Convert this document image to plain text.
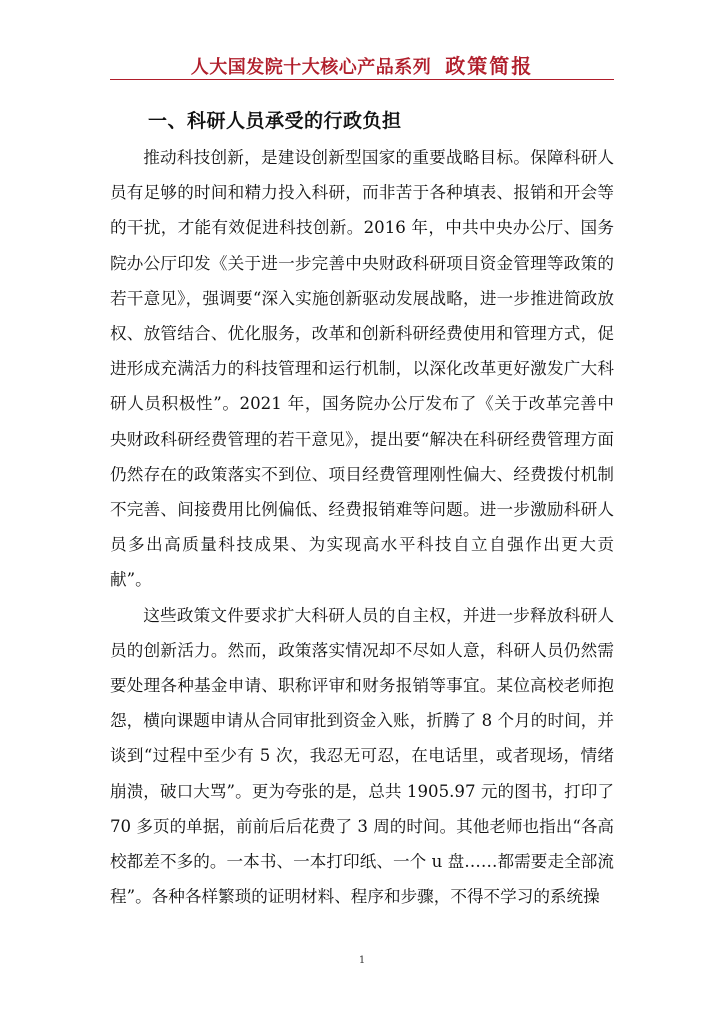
人大国发院十大核心产品系列 政策简报
一、科研人员承受的行政负担

推动科技创新，是建设创新型国家的重要战略目标。保障科研人员有足够的时间和精力投入科研，而非苦于各种填表、报销和开会等的干扰，才能有效促进科技创新。2016 年，中共中央办公厅、国务院办公厅印发《关于进一步完善中央财政科研项目资金管理等政策的若干意见》，强调要“深入实施创新驱动发展战略，进一步推进简政放权、放管结合、优化服务，改革和创新科研经费使用和管理方式，促进形成充满活力的科技管理和运行机制，以深化改革更好激发广大科研人员积极性”。2021 年，国务院办公厅发布了《关于改革完善中央财政科研经费管理的若干意见》，提出要“解决在科研经费管理方面仍然存在的政策落实不到位、项目经费管理刚性偏大、经费拨付机制不完善、间接费用比例偏低、经费报销难等问题。进一步激励科研人员多出高质量科技成果、为实现高水平科技自立自强作出更大贡献”。

这些政策文件要求扩大科研人员的自主权，并进一步释放科研人员的创新活力。然而，政策落实情况却不尽如人意，科研人员仍然需要处理各种基金申请、职称评审和财务报销等事宜。某位高校老师抱怨，横向课题申请从合同审批到资金入账，折腾了 8 个月的时间，并谈到“过程中至少有 5 次，我忍无可忍，在电话里，或者现场，情绪崩溃，破口大骂”。更为夸张的是，总共 1905.97 元的图书，打印了 70 多页的单据，前前后后花费了 3 周的时间。其他老师也指出“各高校都差不多的。一本书、一本打印纸、一个 u 盘……都需要走全部流程”。各种各样繁琐的证明材料、程序和步骤，不得不学习的系统操

1
